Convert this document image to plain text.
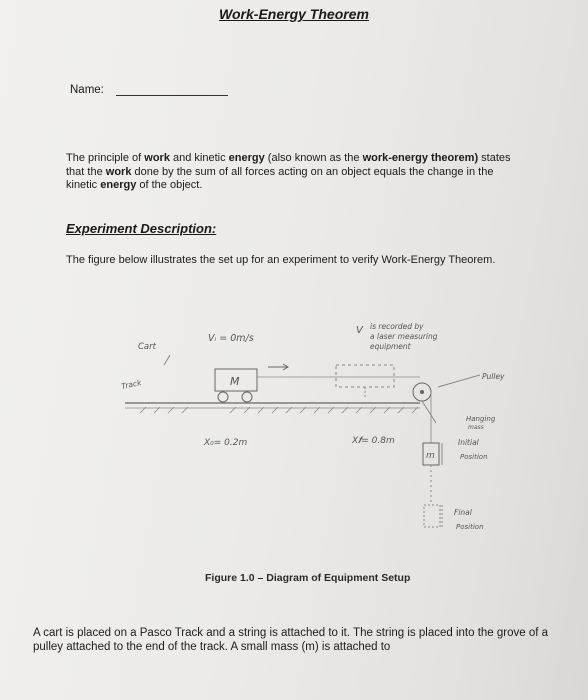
Work-Energy Theorem
Name:
The principle of work and kinetic energy (also known as the work-energy theorem) states that the work done by the sum of all forces acting on an object equals the change in the kinetic energy of the object.
Experiment Description:
The figure below illustrates the set up for an experiment to verify Work-Energy Theorem.
M
m
Cart
Vᵢ = 0m/s
V is recorded by
a laser measuring
equipment
Track
Pulley
X₀= 0.2m	X𝒇= 0.8m
Hanging
mass
Initial
Position
Final
Position
Figure 1.0 – Diagram of Equipment Setup
A cart is placed on a Pasco Track and a string is attached to it. The string is placed into the grove of a pulley attached to the end of the track. A small mass (m) is attached to
